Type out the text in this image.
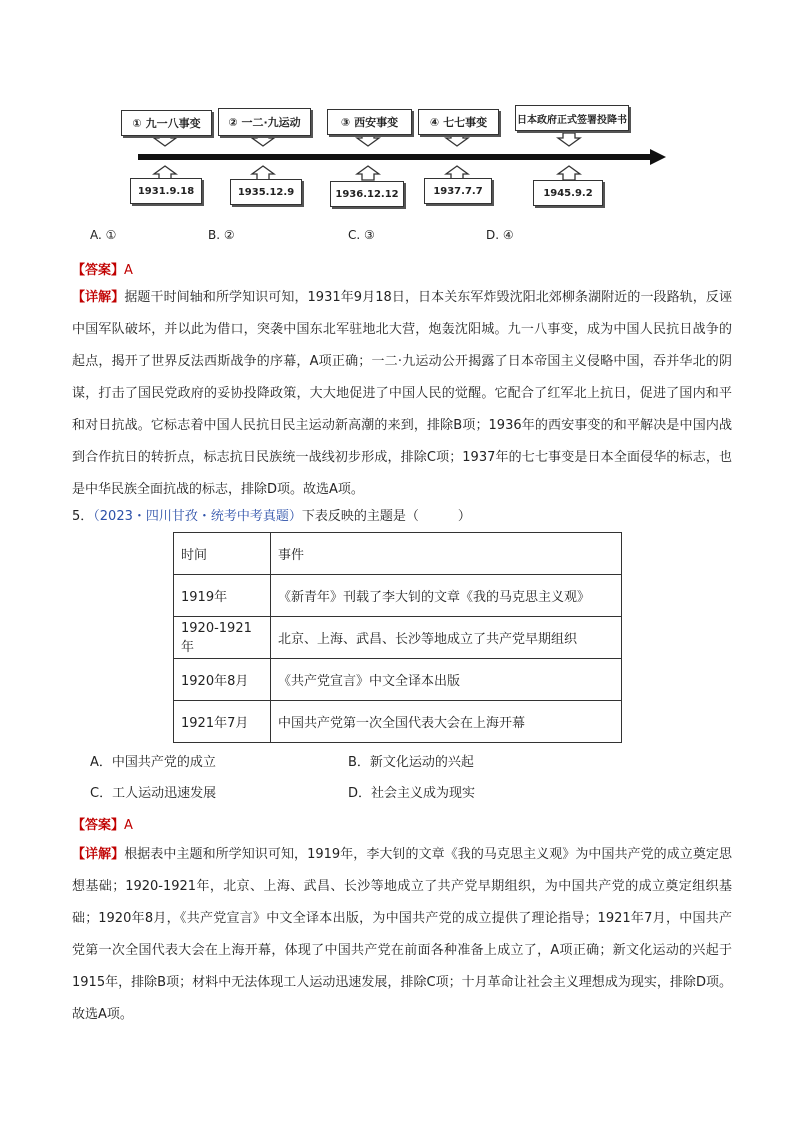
① 九一八事变	② 一二·九运动	③ 西安事变	④ 七七事变	日本政府正式签署投降书
1931.9.18	1935.12.9	1936.12.12	1937.7.7	1945.9.2
A. ①	B. ②	C. ③	D. ④
【答案】A
【详解】据题干时间轴和所学知识可知，1931年9月18日，日本关东军炸毁沈阳北郊柳条湖附近的一段路轨，反诬中国军队破坏，并以此为借口，突袭中国东北军驻地北大营，炮轰沈阳城。九一八事变，成为中国人民抗日战争的起点，揭开了世界反法西斯战争的序幕，A项正确；一二·九运动公开揭露了日本帝国主义侵略中国，吞并华北的阴谋，打击了国民党政府的妥协投降政策，大大地促进了中国人民的觉醒。它配合了红军北上抗日，促进了国内和平和对日抗战。它标志着中国人民抗日民主运动新高潮的来到，排除B项；1936年的西安事变的和平解决是中国内战到合作抗日的转折点，标志抗日民族统一战线初步形成，排除C项；1937年的七七事变是日本全面侵华的标志，也是中华民族全面抗战的标志，排除D项。故选A项。
5．（2023・四川甘孜・统考中考真题）下表反映的主题是（　　　）
时间	事件
1919年	《新青年》刊载了李大钊的文章《我的马克思主义观》
1920-1921年	北京、上海、武昌、长沙等地成立了共产党早期组织
1920年8月	《共产党宣言》中文全译本出版
1921年7月	中国共产党第一次全国代表大会在上海开幕
A．中国共产党的成立	B．新文化运动的兴起
C．工人运动迅速发展	D．社会主义成为现实
【答案】A
【详解】根据表中主题和所学知识可知，1919年，李大钊的文章《我的马克思主义观》为中国共产党的成立奠定思想基础；1920-1921年，北京、上海、武昌、长沙等地成立了共产党早期组织，为中国共产党的成立奠定组织基础；1920年8月，《共产党宣言》中文全译本出版，为中国共产党的成立提供了理论指导；1921年7月，中国共产党第一次全国代表大会在上海开幕，体现了中国共产党在前面各种准备上成立了，A项正确；新文化运动的兴起于1915年，排除B项；材料中无法体现工人运动迅速发展，排除C项；十月革命让社会主义理想成为现实，排除D项。故选A项。
